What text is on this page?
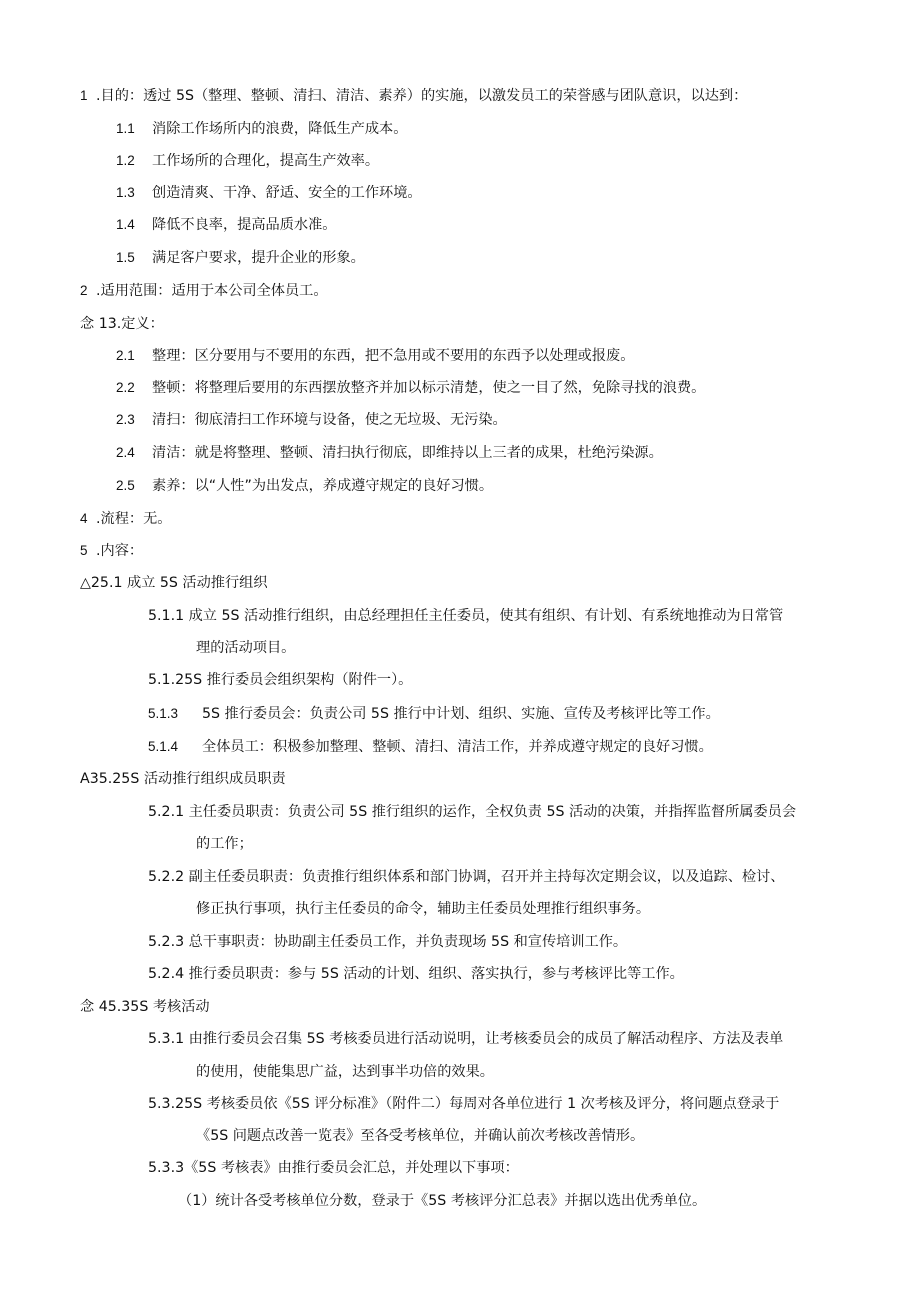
1 .目的：透过 5S（整理、整顿、清扫、清洁、素养）的实施，以激发员工的荣誉感与团队意识，以达到：
1.1 消除工作场所内的浪费，降低生产成本。
1.2 工作场所的合理化，提高生产效率。
1.3 创造清爽、干净、舒适、安全的工作环境。
1.4 降低不良率，提高品质水准。
1.5 满足客户要求，提升企业的形象。
2 .适用范围：适用于本公司全体员工。
念 13.定义：
2.1 整理：区分要用与不要用的东西，把不急用或不要用的东西予以处理或报废。
2.2 整顿：将整理后要用的东西摆放整齐并加以标示清楚，使之一目了然，免除寻找的浪费。
2.3 清扫：彻底清扫工作环境与设备，使之无垃圾、无污染。
2.4 清洁：就是将整理、整顿、清扫执行彻底，即维持以上三者的成果，杜绝污染源。
2.5 素养：以“人性”为出发点，养成遵守规定的良好习惯。
4 .流程：无。
5 .内容：
△25.1 成立 5S 活动推行组织
5.1.1 成立 5S 活动推行组织，由总经理担任主任委员，使其有组织、有计划、有系统地推动为日常管
理的活动项目。
5.1.25S 推行委员会组织架构（附件一）。
5.1.3 5S 推行委员会：负责公司 5S 推行中计划、组织、实施、宣传及考核评比等工作。
5.1.4 全体员工：积极参加整理、整顿、清扫、清洁工作，并养成遵守规定的良好习惯。
A35.25S 活动推行组织成员职责
5.2.1 主任委员职责：负责公司 5S 推行组织的运作，全权负责 5S 活动的决策，并指挥监督所属委员会
的工作；
5.2.2 副主任委员职责：负责推行组织体系和部门协调，召开并主持每次定期会议，以及追踪、检讨、
修正执行事项，执行主任委员的命令，辅助主任委员处理推行组织事务。
5.2.3 总干事职责：协助副主任委员工作，并负责现场 5S 和宣传培训工作。
5.2.4 推行委员职责：参与 5S 活动的计划、组织、落实执行，参与考核评比等工作。
念 45.35S 考核活动
5.3.1 由推行委员会召集 5S 考核委员进行活动说明，让考核委员会的成员了解活动程序、方法及表单
的使用，使能集思广益，达到事半功倍的效果。
5.3.25S 考核委员依《5S 评分标准》（附件二）每周对各单位进行 1 次考核及评分，将问题点登录于
《5S 问题点改善一览表》至各受考核单位，并确认前次考核改善情形。
5.3.3《5S 考核表》由推行委员会汇总，并处理以下事项：
（1）统计各受考核单位分数，登录于《5S 考核评分汇总表》并据以选出优秀单位。
